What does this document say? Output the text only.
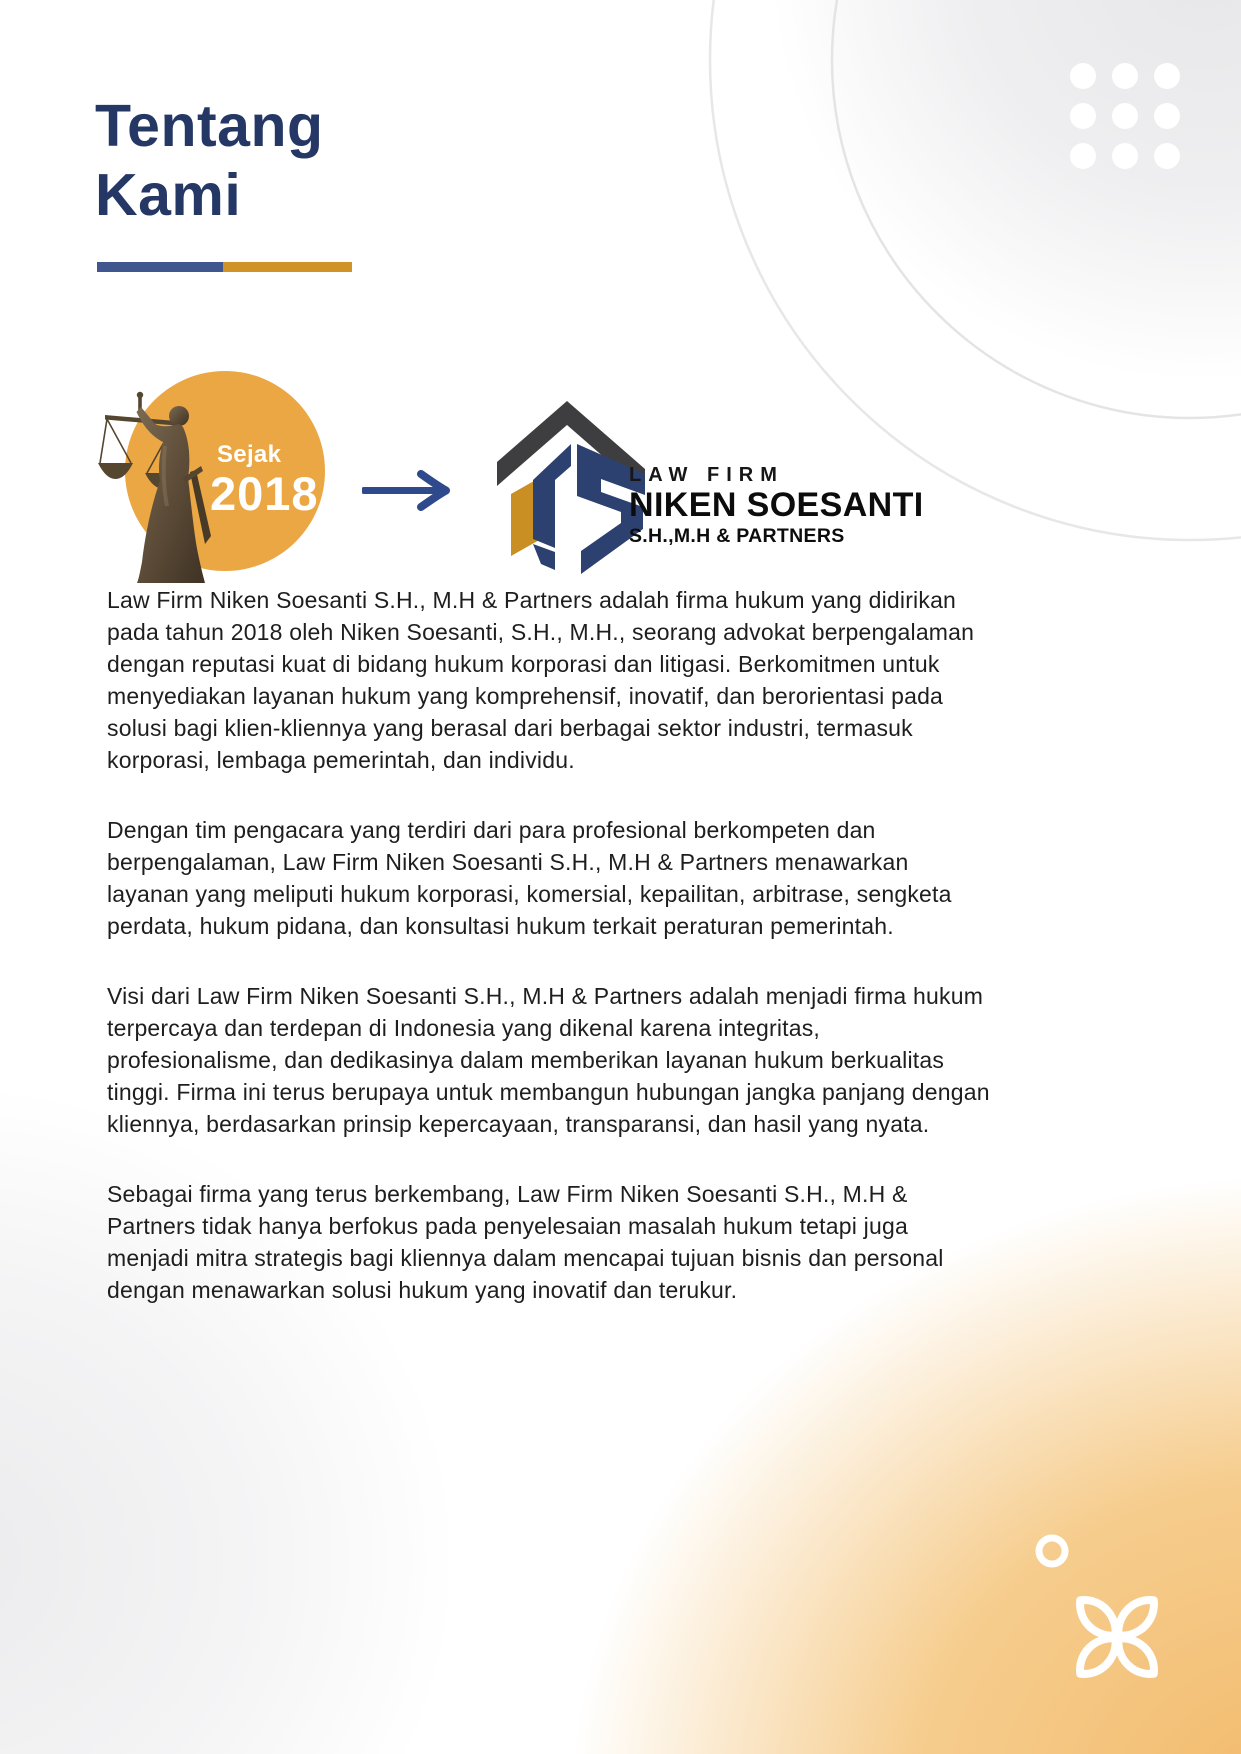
Tentang
Kami
Sejak
2018	LAW FIRM
NIKEN SOESANTI
S.H.,M.H & PARTNERS

Law Firm Niken Soesanti S.H., M.H & Partners adalah firma hukum yang didirikan pada tahun 2018 oleh Niken Soesanti, S.H., M.H., seorang advokat berpengalaman dengan reputasi kuat di bidang hukum korporasi dan litigasi. Berkomitmen untuk menyediakan layanan hukum yang komprehensif, inovatif, dan berorientasi pada solusi bagi klien-kliennya yang berasal dari berbagai sektor industri, termasuk korporasi, lembaga pemerintah, dan individu.

Dengan tim pengacara yang terdiri dari para profesional berkompeten dan berpengalaman, Law Firm Niken Soesanti S.H., M.H & Partners menawarkan layanan yang meliputi hukum korporasi, komersial, kepailitan, arbitrase, sengketa perdata, hukum pidana, dan konsultasi hukum terkait peraturan pemerintah.

Visi dari Law Firm Niken Soesanti S.H., M.H & Partners adalah menjadi firma hukum terpercaya dan terdepan di Indonesia yang dikenal karena integritas, profesionalisme, dan dedikasinya dalam memberikan layanan hukum berkualitas tinggi. Firma ini terus berupaya untuk membangun hubungan jangka panjang dengan kliennya, berdasarkan prinsip kepercayaan, transparansi, dan hasil yang nyata.

Sebagai firma yang terus berkembang, Law Firm Niken Soesanti S.H., M.H & Partners tidak hanya berfokus pada penyelesaian masalah hukum tetapi juga menjadi mitra strategis bagi kliennya dalam mencapai tujuan bisnis dan personal dengan menawarkan solusi hukum yang inovatif dan terukur.
